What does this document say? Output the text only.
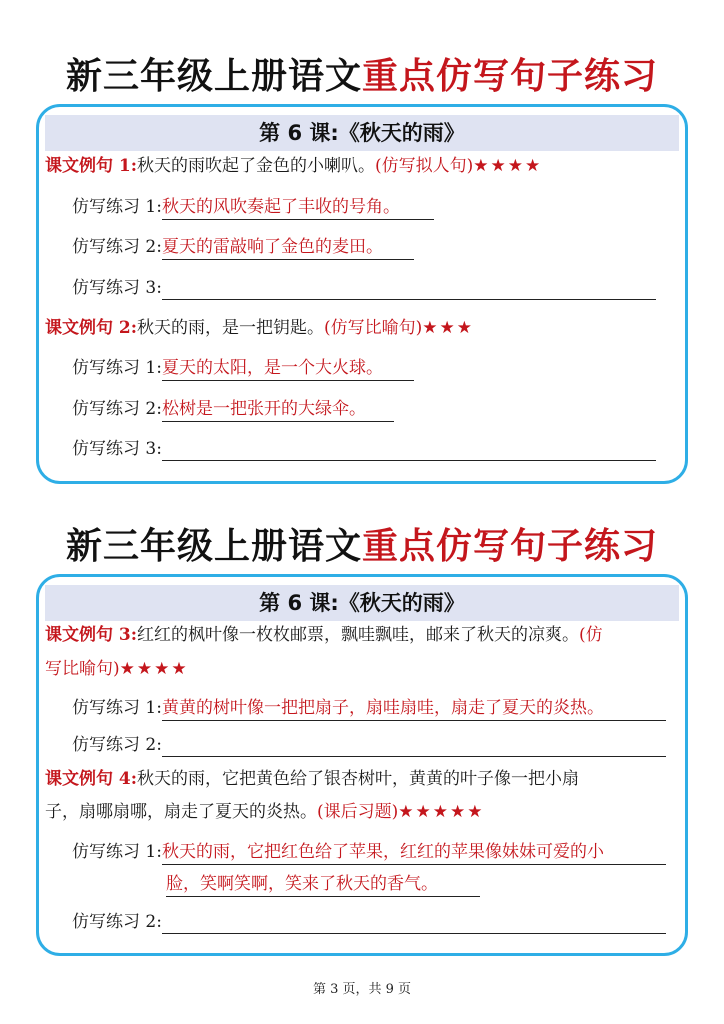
新三年级上册语文重点仿写句子练习
第 6 课:《秋天的雨》
课文例句 1:秋天的雨吹起了金色的小喇叭。(仿写拟人句)★★★★
仿写练习 1:秋天的风吹奏起了丰收的号角。
仿写练习 2:夏天的雷敲响了金色的麦田。
仿写练习 3:
课文例句 2:秋天的雨，是一把钥匙。(仿写比喻句)★★★
仿写练习 1:夏天的太阳，是一个大火球。
仿写练习 2:松树是一把张开的大绿伞。
仿写练习 3:
新三年级上册语文重点仿写句子练习
第 6 课:《秋天的雨》
课文例句 3:红红的枫叶像一枚枚邮票，飘哇飘哇，邮来了秋天的凉爽。(仿
写比喻句)★★★★
仿写练习 1:黄黄的树叶像一把把扇子，扇哇扇哇，扇走了夏天的炎热。
仿写练习 2:
课文例句 4:秋天的雨，它把黄色给了银杏树叶，黄黄的叶子像一把小扇
子，扇哪扇哪，扇走了夏天的炎热。(课后习题)★★★★★
仿写练习 1:秋天的雨，它把红色给了苹果，红红的苹果像妹妹可爱的小
脸，笑啊笑啊，笑来了秋天的香气。
仿写练习 2:
第 3 页，共 9 页
